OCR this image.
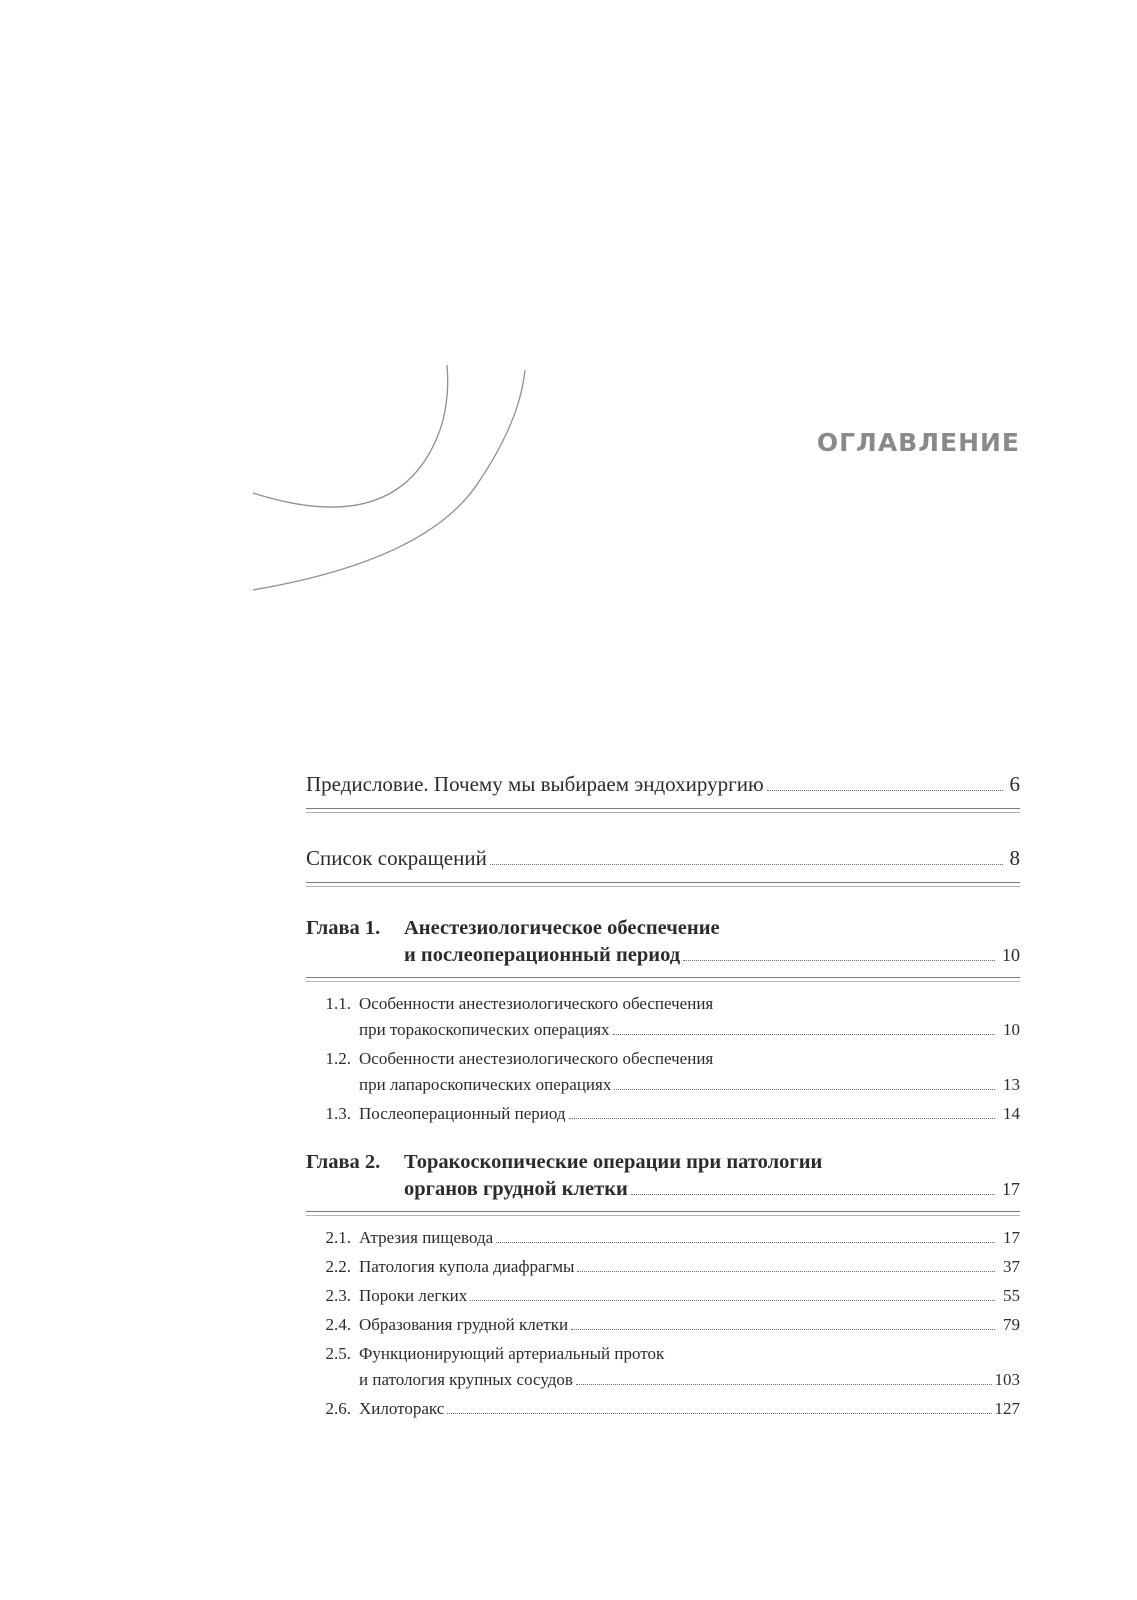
ОГЛАВЛЕНИЕ
Предисловие. Почему мы выбираем эндохирургию	6
Список сокращений	8
Глава 1.	Анестезиологическое обеспечение
и послеоперационный период	10
1.1. Особенности анестезиологического обеспечения
при торакоскопических операциях	10
1.2. Особенности анестезиологического обеспечения
при лапароскопических операциях	13
1.3. Послеоперационный период	14
Глава 2.	Торакоскопические операции при патологии
органов грудной клетки	17
2.1. Атрезия пищевода	17
2.2. Патология купола диафрагмы	37
2.3. Пороки легких	55
2.4. Образования грудной клетки	79
2.5. Функционирующий артериальный проток
и патология крупных сосудов	103
2.6. Хилоторакс	127
